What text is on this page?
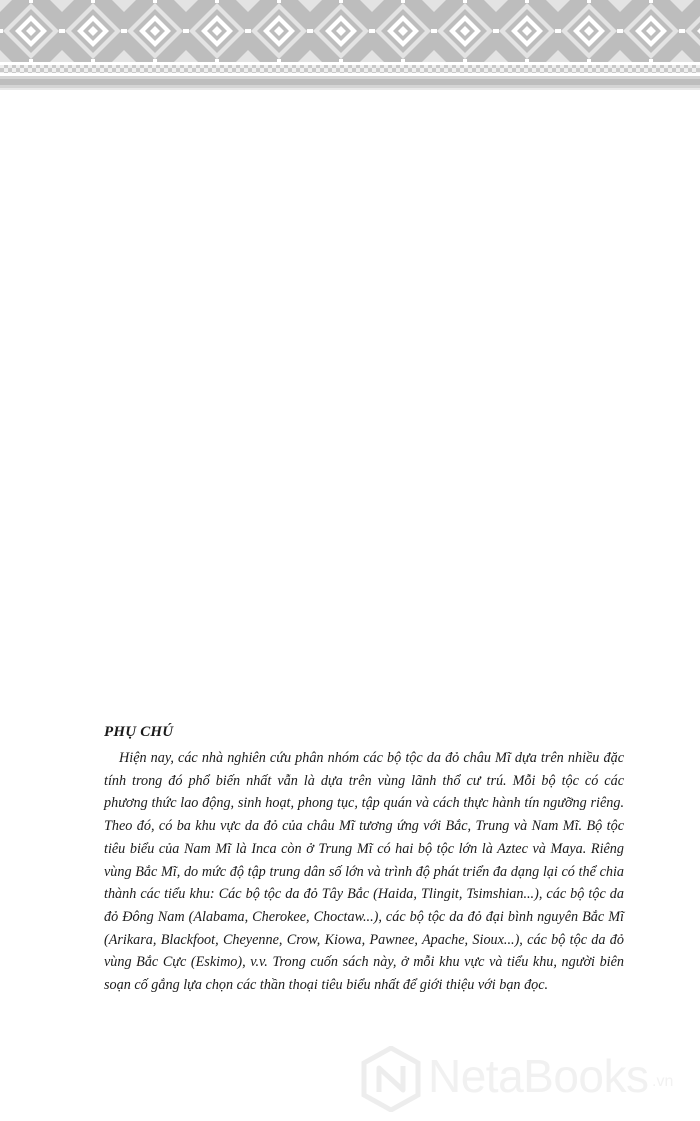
PHỤ CHÚ

Hiện nay, các nhà nghiên cứu phân nhóm các bộ tộc da đỏ châu Mĩ dựa trên nhiều đặc tính trong đó phổ biến nhất vẫn là dựa trên vùng lãnh thổ cư trú. Mỗi bộ tộc có các phương thức lao động, sinh hoạt, phong tục, tập quán và cách thực hành tín ngưỡng riêng. Theo đó, có ba khu vực da đỏ của châu Mĩ tương ứng với Bắc, Trung và Nam Mĩ. Bộ tộc tiêu biểu của Nam Mĩ là Inca còn ở Trung Mĩ có hai bộ tộc lớn là Aztec và Maya. Riêng vùng Bắc Mĩ, do mức độ tập trung dân số lớn và trình độ phát triển đa dạng lại có thể chia thành các tiểu khu: Các bộ tộc da đỏ Tây Bắc (Haida, Tlingit, Tsimshian...), các bộ tộc da đỏ Đông Nam (Alabama, Cherokee, Choctaw...), các bộ tộc da đỏ đại bình nguyên Bắc Mĩ (Arikara, Blackfoot, Cheyenne, Crow, Kiowa, Pawnee, Apache, Sioux...), các bộ tộc da đỏ vùng Bắc Cực (Eskimo), v.v. Trong cuốn sách này, ở mỗi khu vực và tiểu khu, người biên soạn cố gắng lựa chọn các thần thoại tiêu biểu nhất để giới thiệu với bạn đọc.

NetaBooks .vn
